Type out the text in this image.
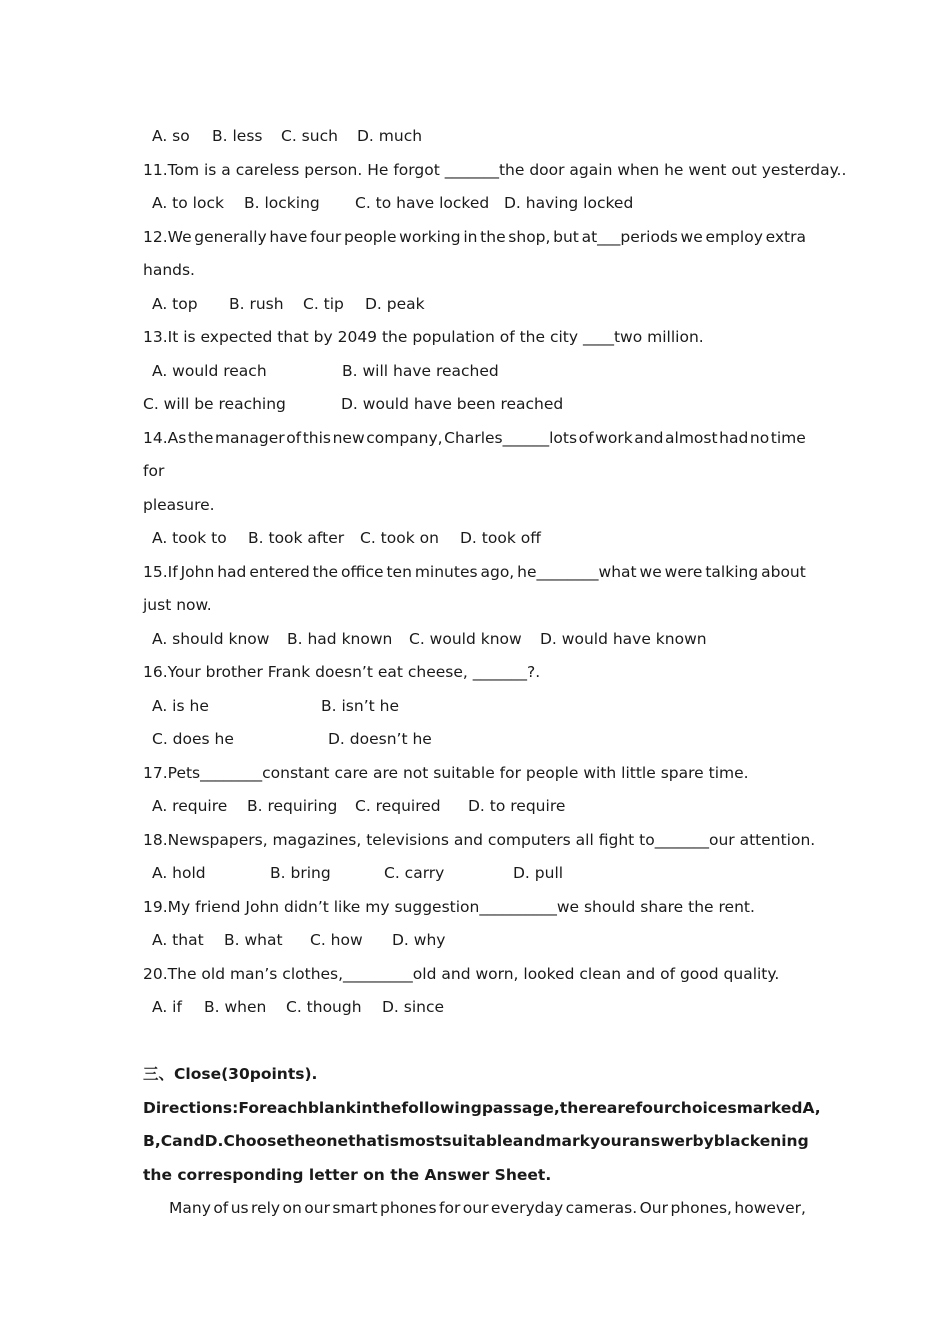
A. so B. less C. such D. much
11.Tom is a careless person. He forgot _______the door again when he went out yesterday..
A. to lock B. locking C. to have locked D. having locked
12.We generally have four people working in the shop, but at___periods we employ extra
hands.
A. top B. rush C. tip D. peak
13.It is expected that by 2049 the population of the city ____two million.
A. would reach	B. will have reached
C. will be reaching	D. would have been reached
14.As the manager of this new company, Charles______lots of work and almost had no time
for
pleasure.
A. took to B. took after C. took on D. took off
15.If John had entered the office ten minutes ago, he________what we were talking about
just now.
A. should know B. had known C. would know D. would have known
16.Your brother Frank doesn’t eat cheese, _______?.
A. is he	B. isn’t he
C. does he	D. doesn’t he
17.Pets________constant care are not suitable for people with little spare time.
A. require B. requiring C. required D. to require
18.Newspapers, magazines, televisions and computers all fight to_______our attention.
A. hold	B. bring	C. carry	D. pull
19.My friend John didn’t like my suggestion__________we should share the rent.
A. that B. what C. how D. why
20.The old man’s clothes,_________old and worn, looked clean and of good quality.
A. if B. when C. though D. since
三、Close(30points).
Directions: For each blank in the following passage, there are four choices marked A,
B,C and D. Choose the one that is most suitable and mark your answer by blackening
the corresponding letter on the Answer Sheet.
Many of us rely on our smart phones for our everyday cameras. Our phones, however,
